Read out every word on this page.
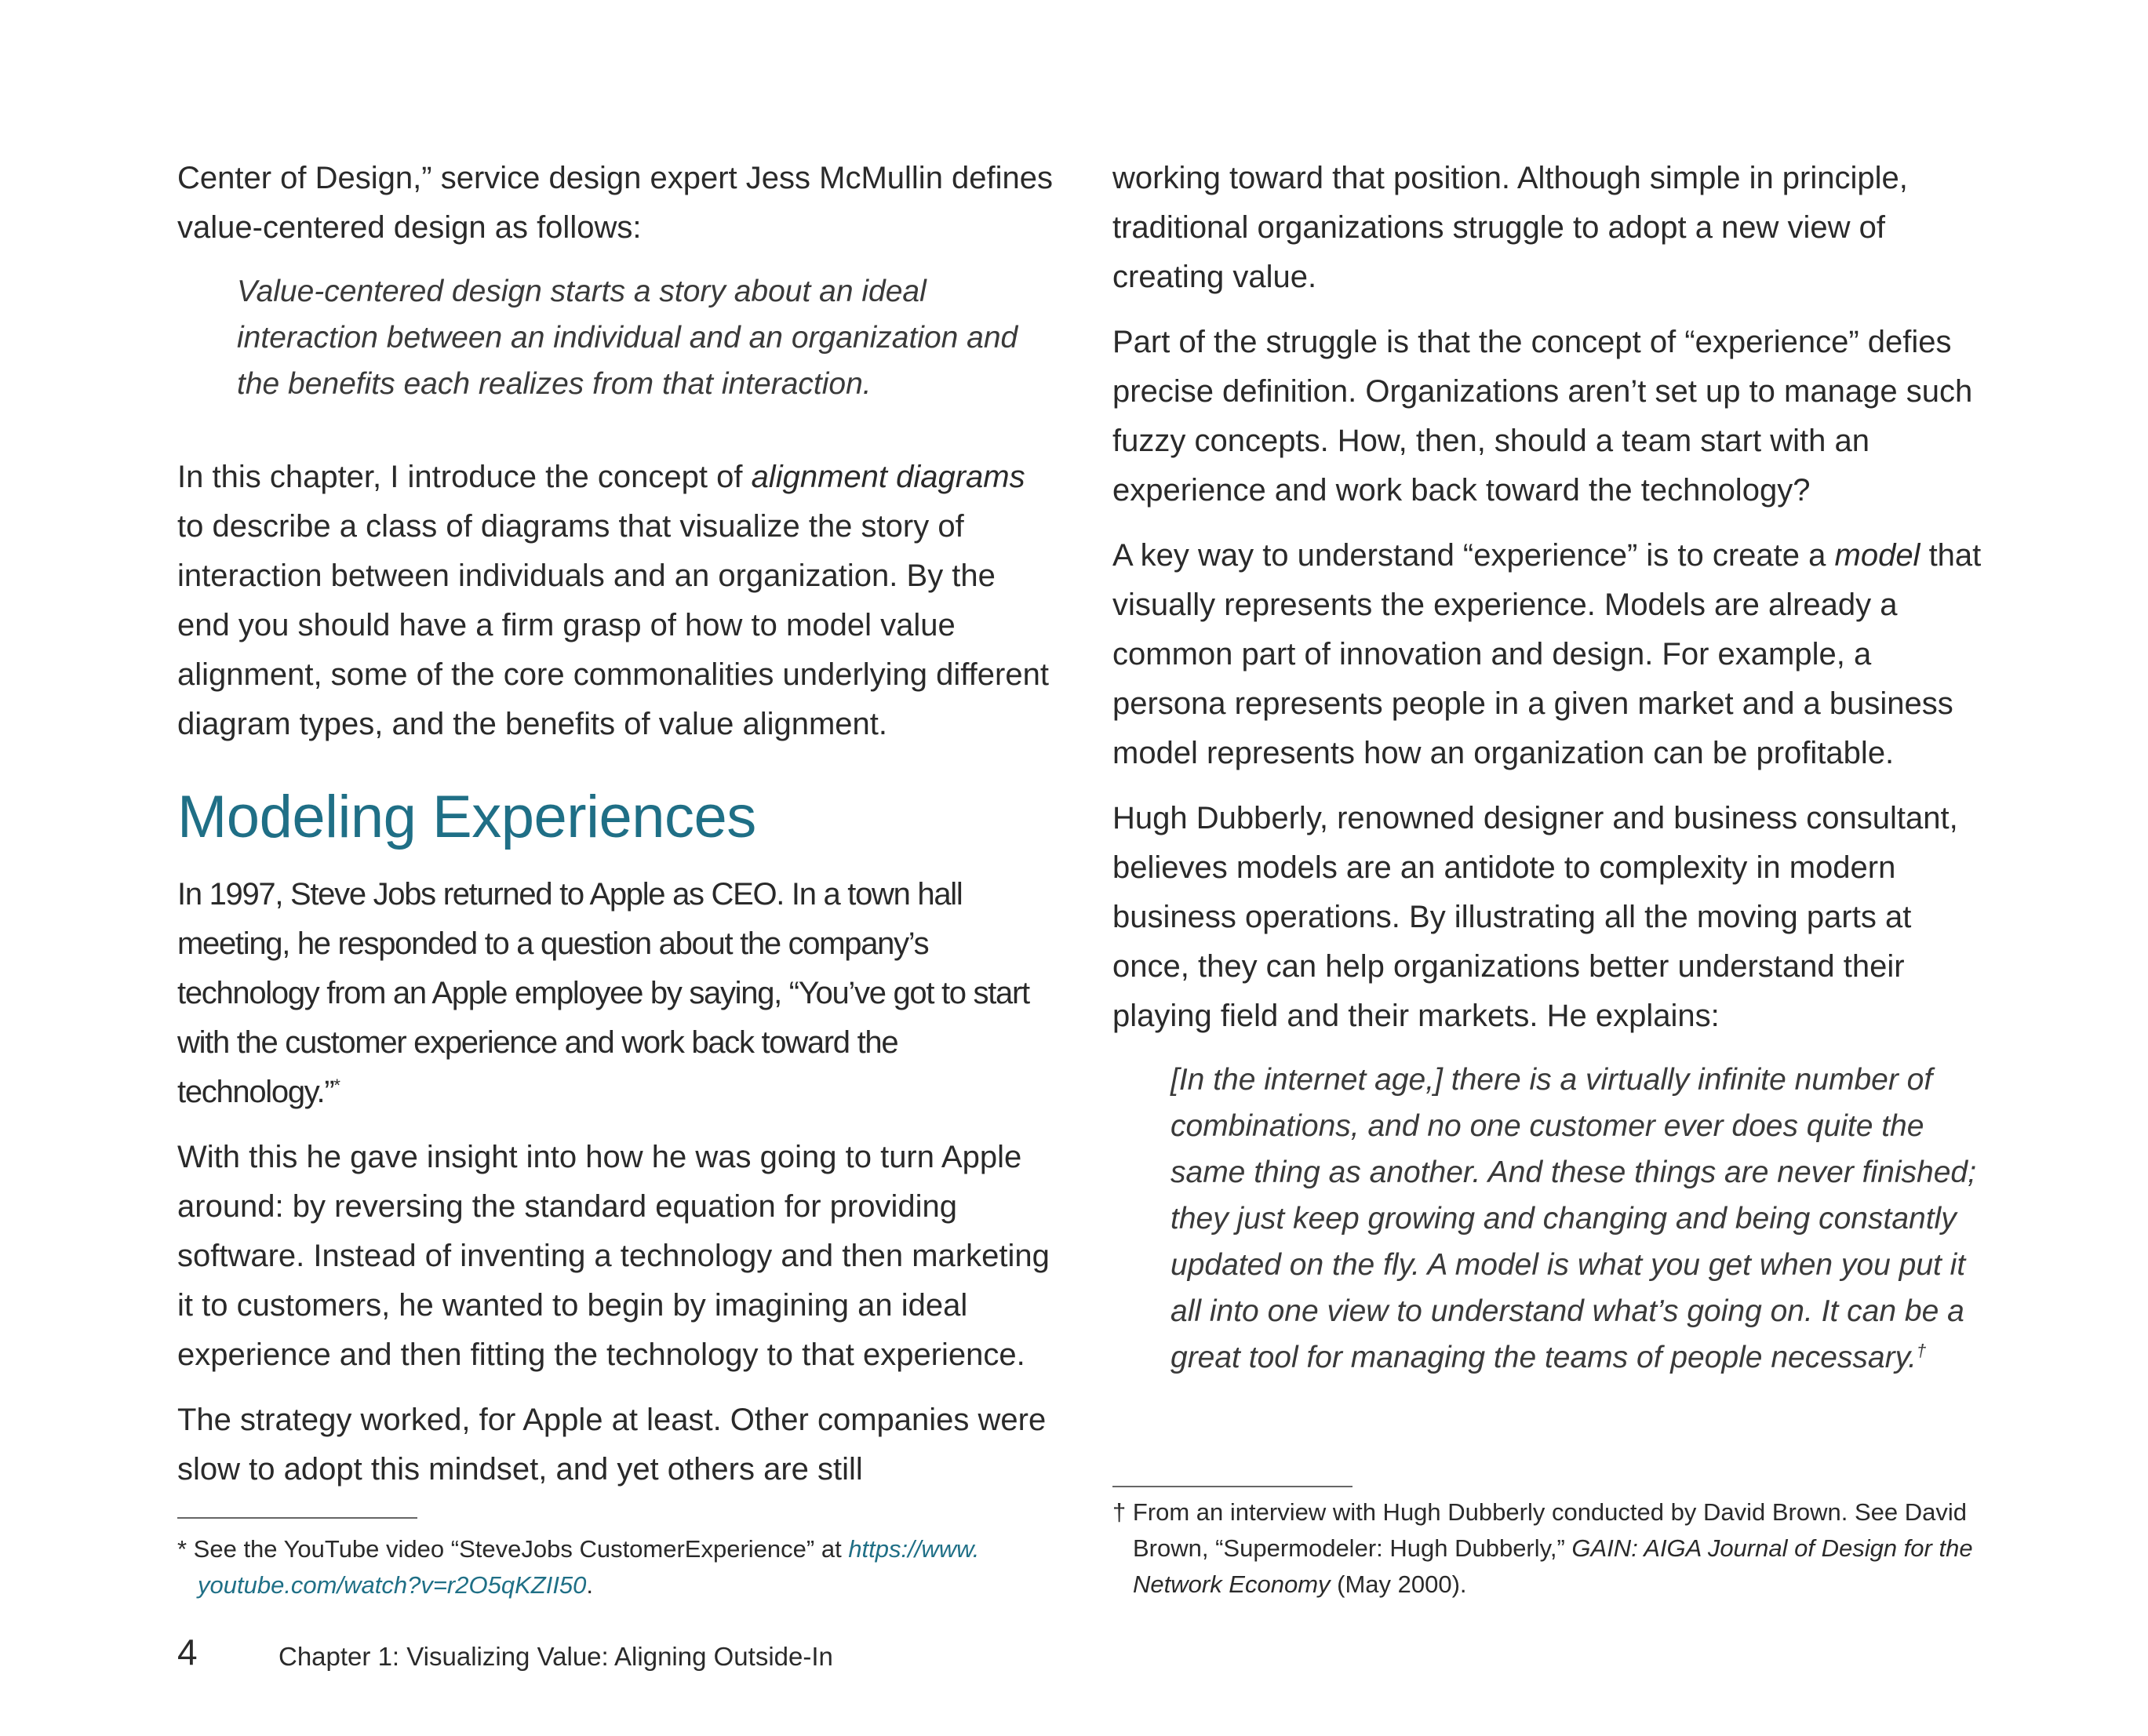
Center of Design,” service design expert Jess McMullin defines value-centered design as follows:

Value-centered design starts a story about an ideal interaction between an individual and an organization and the benefits each realizes from that interaction.

In this chapter, I introduce the concept of alignment diagrams to describe a class of diagrams that visualize the story of interaction between individuals and an organization. By the end you should have a firm grasp of how to model value alignment, some of the core commonalities underlying different diagram types, and the benefits of value alignment.

Modeling Experiences

In 1997, Steve Jobs returned to Apple as CEO. In a town hall meeting, he responded to a question about the company’s technology from an Apple employee by saying, “You’ve got to start with the customer experience and work back toward the technology.”*

With this he gave insight into how he was going to turn Apple around: by reversing the standard equation for providing software. Instead of inventing a technology and then marketing it to customers, he wanted to begin by imagining an ideal experience and then fitting the technology to that experience.

The strategy worked, for Apple at least. Other companies were slow to adopt this mindset, and yet others are still

working toward that position. Although simple in principle, traditional organizations struggle to adopt a new view of creating value.

Part of the struggle is that the concept of “experience” defies precise definition. Organizations aren’t set up to manage such fuzzy concepts. How, then, should a team start with an experience and work back toward the technology?

A key way to understand “experience” is to create a model that visually represents the experience. Models are already a common part of innovation and design. For example, a persona represents people in a given market and a business model represents how an organization can be profitable.

Hugh Dubberly, renowned designer and business consultant, believes models are an antidote to complexity in modern business operations. By illustrating all the moving parts at once, they can help organizations better understand their playing field and their markets. He explains:

[In the internet age,] there is a virtually infinite number of combinations, and no one customer ever does quite the same thing as another. And these things are never finished; they just keep growing and changing and being constantly updated on the fly. A model is what you get when you put it all into one view to understand what’s going on. It can be a great tool for managing the teams of people necessary.†
* See the YouTube video “SteveJobs CustomerExperience” at https://www.
youtube.com/watch?v=r2O5qKZII50.
† From an interview with Hugh Dubberly conducted by David Brown. See David
Brown, “Supermodeler: Hugh Dubberly,” GAIN: AIGA Journal of Design for the
Network Economy (May 2000).
4	Chapter 1: Visualizing Value: Aligning Outside-In
